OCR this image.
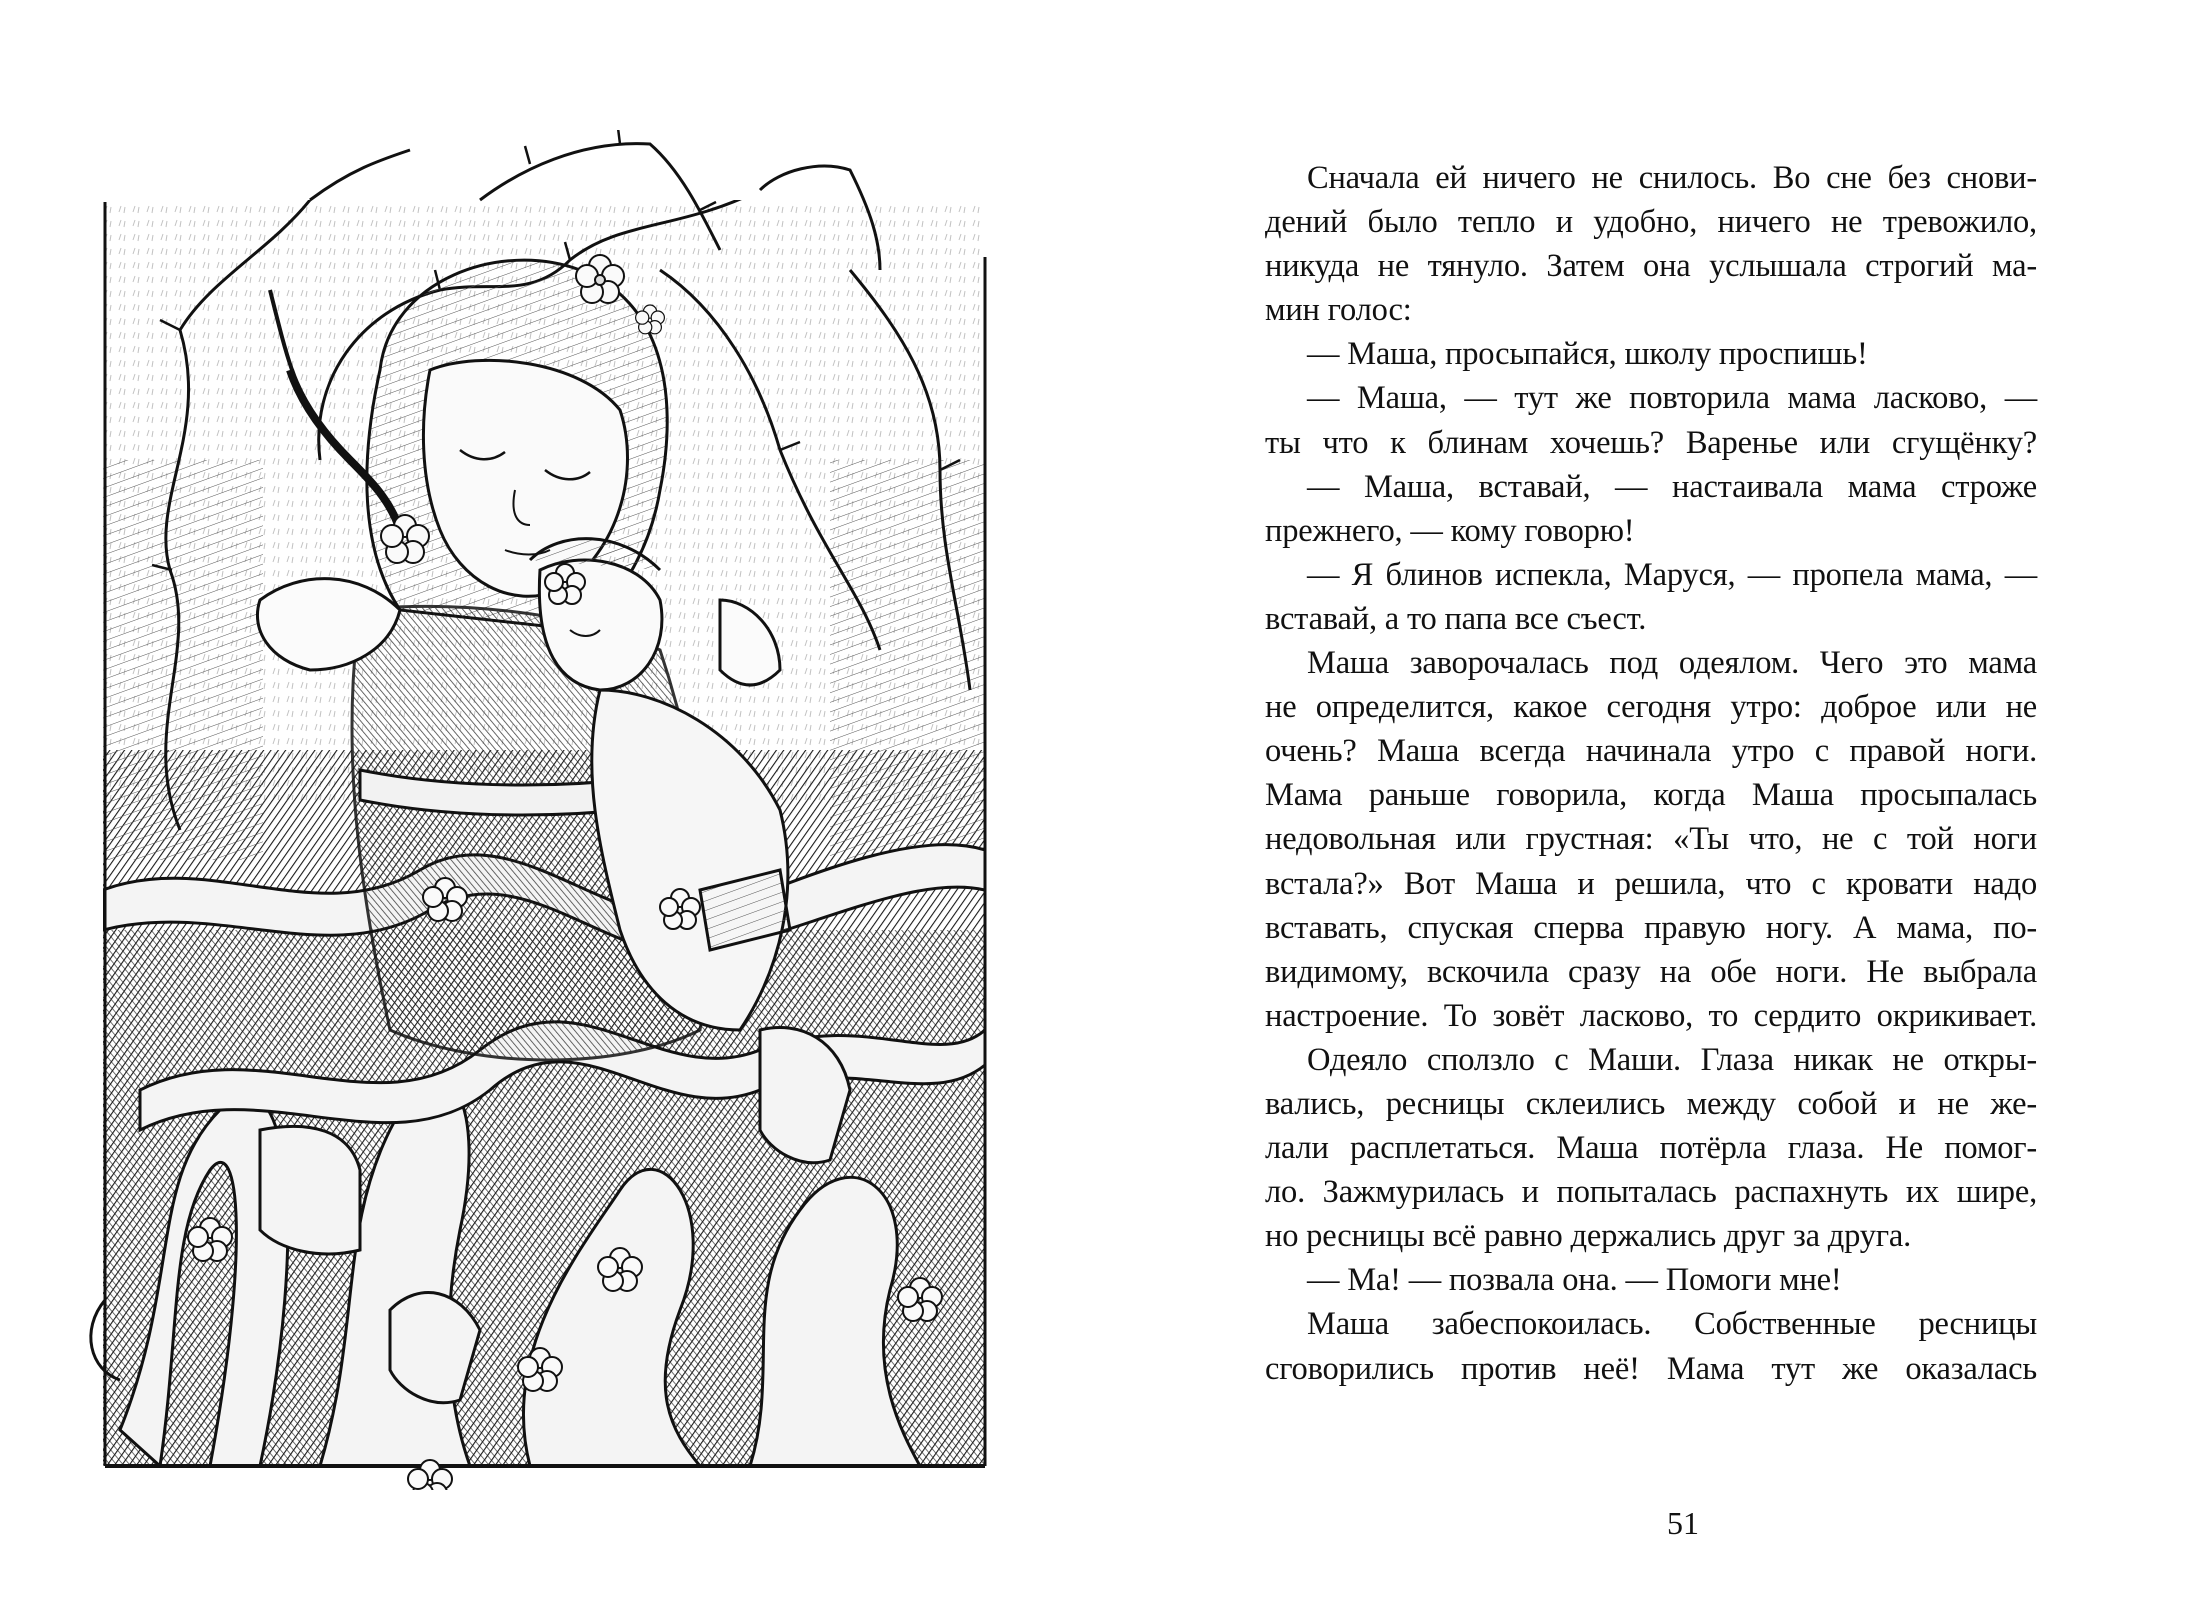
Сначала ей ничего не снилось. Во сне без снови-
дений было тепло и удобно, ничего не тревожило,
никуда не тянуло. Затем она услышала строгий ма-
мин голос:
— Маша, просыпайся, школу проспишь!
— Маша, — тут же повторила мама ласково, —
ты что к блинам хочешь? Варенье или сгущёнку?
— Маша, вставай, — настаивала мама строже
прежнего, — кому говорю!
— Я блинов испекла, Маруся, — пропела мама, —
вставай, а то папа все съест.
Маша заворочалась под одеялом. Чего это мама
не определится, какое сегодня утро: доброе или не
очень? Маша всегда начинала утро с правой ноги.
Мама раньше говорила, когда Маша просыпалась
недовольная или грустная: «Ты что, не с той ноги
встала?» Вот Маша и решила, что с кровати надо
вставать, спуская сперва правую ногу. А мама, по-
видимому, вскочила сразу на обе ноги. Не выбрала
настроение. То зовёт ласково, то сердито окрикивает.
Одеяло сползло с Маши. Глаза никак не откры-
вались, ресницы склеились между собой и не же-
лали расплетаться. Маша потёрла глаза. Не помог-
ло. Зажмурилась и попыталась распахнуть их шире,
но ресницы всё равно держались друг за друга.
— Ма! — позвала она. — Помоги мне!
Маша забеспокоилась. Собственные ресницы
сговорились против неё! Мама тут же оказалась
51
